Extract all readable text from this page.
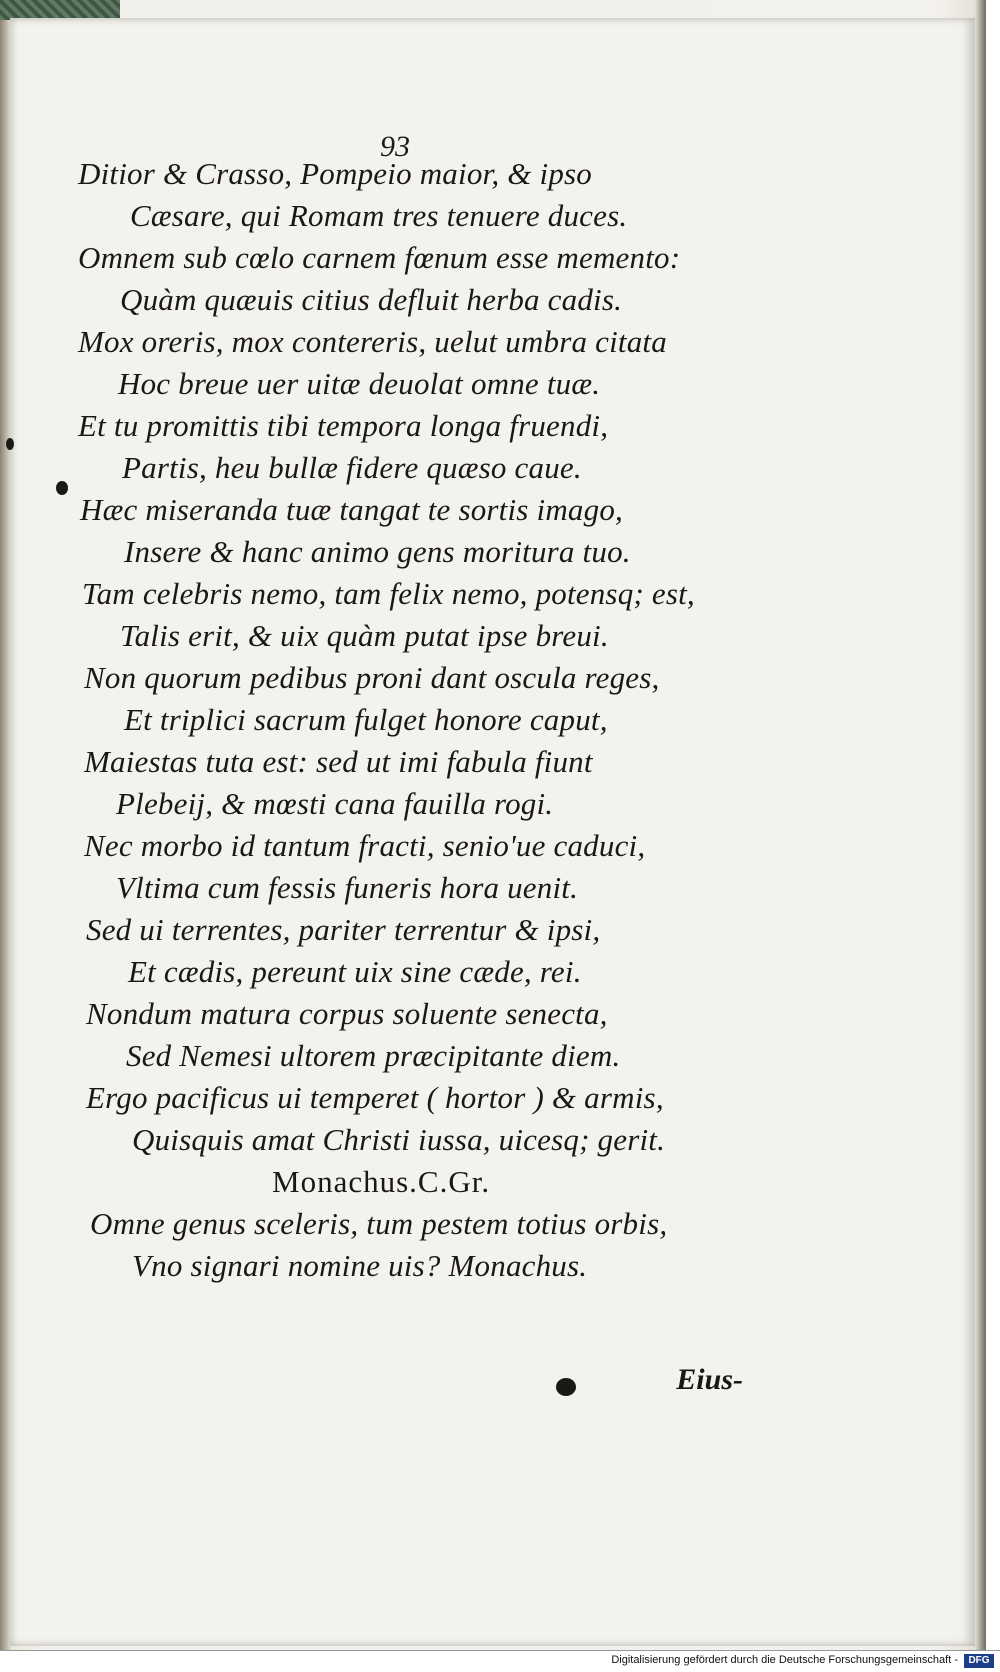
93
Ditior & Crasso, Pompeio maior, & ipso
Cæsare, qui Romam tres tenuere duces.
Omnem sub cœlo carnem fœnum esse memento:
Quàm quæuis citius defluit herba cadis.
Mox oreris, mox contereris, uelut umbra citata
Hoc breue uer uitæ deuolat omne tuæ.
Et tu promittis tibi tempora longa fruendi,
Partis, heu bullæ fidere quæso caue.
Hæc miseranda tuæ tangat te sortis imago,
Insere & hanc animo gens moritura tuo.
Tam celebris nemo, tam felix nemo, potensq; est,
Talis erit, & uix quàm putat ipse breui.
Non quorum pedibus proni dant oscula reges,
Et triplici sacrum fulget honore caput,
Maiestas tuta est: sed ut imi fabula fiunt
Plebeij, & mœsti cana fauilla rogi.
Nec morbo id tantum fracti, senio'ue caduci,
Vltima cum fessis funeris hora uenit.
Sed ui terrentes, pariter terrentur & ipsi,
Et cædis, pereunt uix sine cæde, rei.
Nondum matura corpus soluente senecta,
Sed Nemesi ultorem præcipitante diem.
Ergo pacificus ui temperet ( hortor ) & armis,
Quisquis amat Christi iussa, uicesq; gerit.
Monachus.C.Gr.
Omne genus sceleris, tum pestem totius orbis,
Vno signari nomine uis? Monachus.
Eius-
Digitalisierung gefördert durch die Deutsche Forschungsgemeinschaft -	DFG
